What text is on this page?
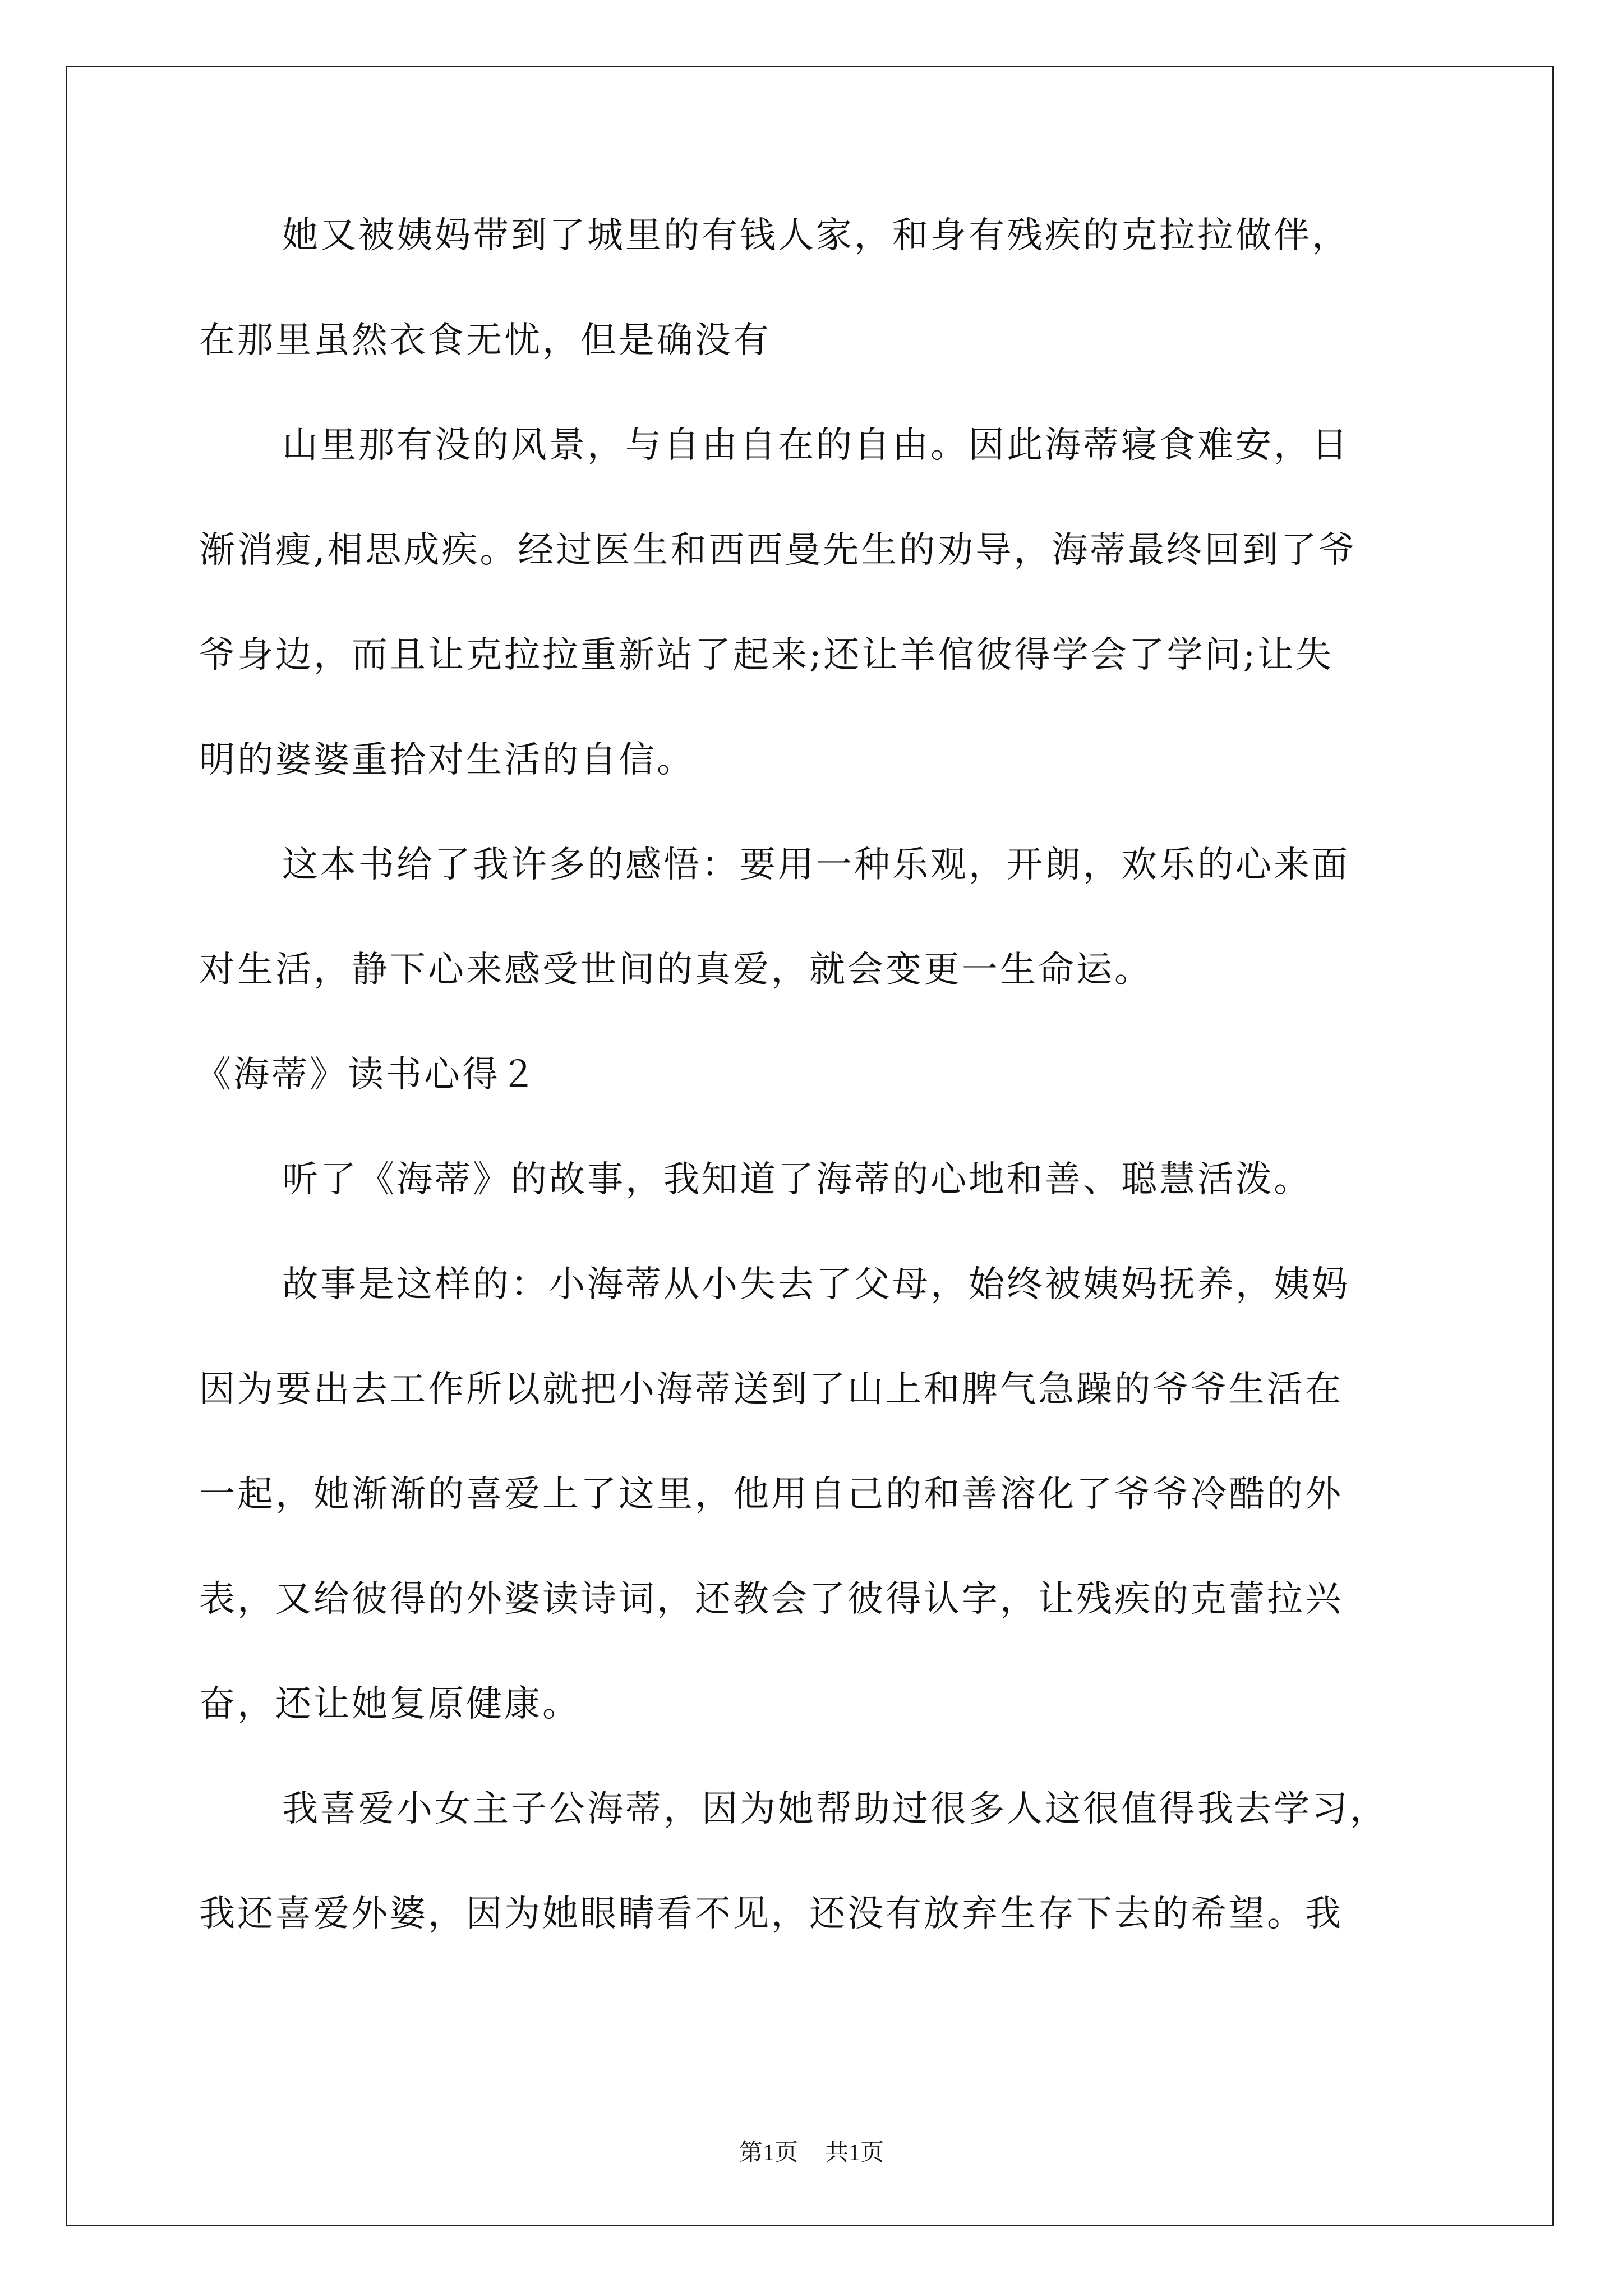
她又被姨妈带到了城里的有钱人家，和身有残疾的克拉拉做伴，
在那里虽然衣食无忧，但是确没有
山里那有没的风景，与自由自在的自由。因此海蒂寝食难安，日
渐消瘦,相思成疾。经过医生和西西曼先生的劝导，海蒂最终回到了爷
爷身边，而且让克拉拉重新站了起来;还让羊倌彼得学会了学问;让失
明的婆婆重拾对生活的自信。
这本书给了我许多的感悟：要用一种乐观，开朗，欢乐的心来面
对生活，静下心来感受世间的真爱，就会变更一生命运。
《海蒂》读书心得２
听了《海蒂》的故事，我知道了海蒂的心地和善、聪慧活泼。
故事是这样的：小海蒂从小失去了父母，始终被姨妈抚养，姨妈
因为要出去工作所以就把小海蒂送到了山上和脾气急躁的爷爷生活在
一起，她渐渐的喜爱上了这里，他用自己的和善溶化了爷爷冷酷的外
表，又给彼得的外婆读诗词，还教会了彼得认字，让残疾的克蕾拉兴
奋，还让她复原健康。
我喜爱小女主子公海蒂，因为她帮助过很多人这很值得我去学习，
我还喜爱外婆，因为她眼睛看不见，还没有放弃生存下去的希望。我
第1页 共1页
